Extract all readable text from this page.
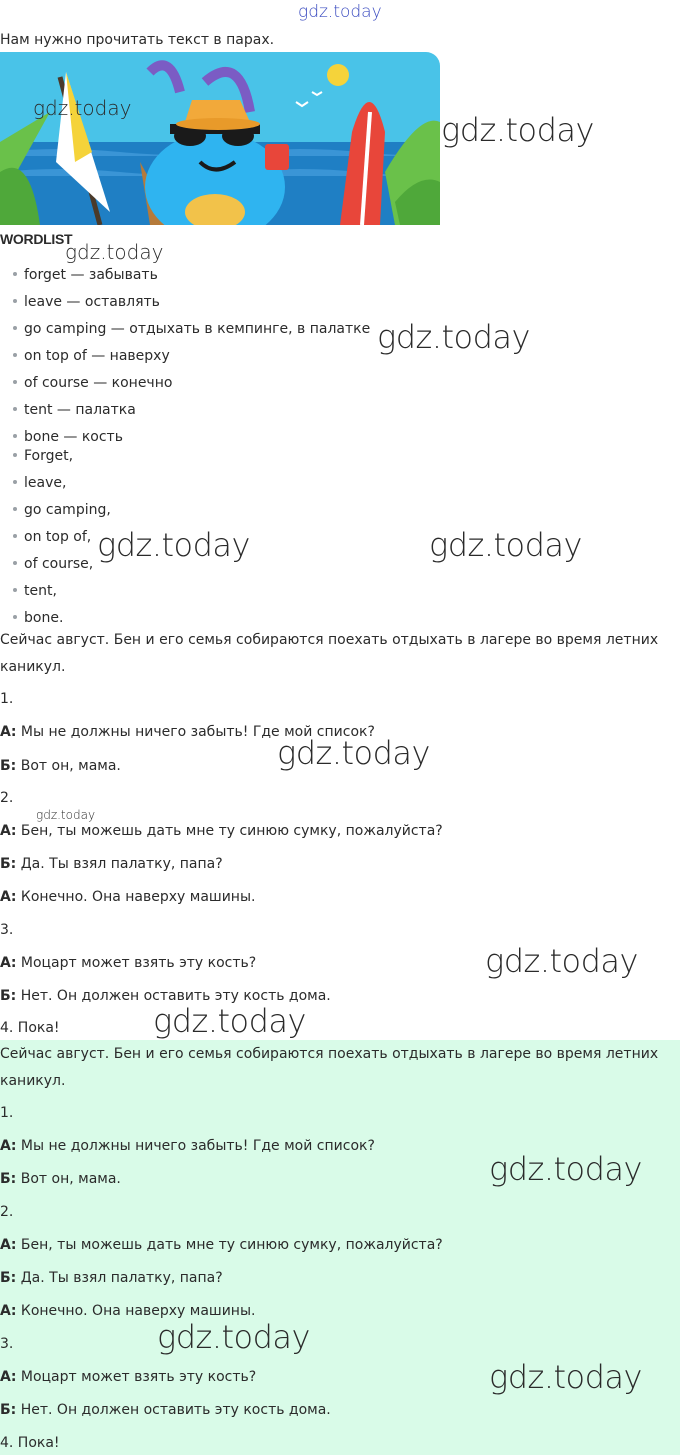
gdz.today
Нам нужно прочитать текст в парах.
gdz.today
gdz.today
WORDLIST
gdz.today
forget — забывать
leave — оставлять
go camping — отдыхать в кемпинге, в палатке gdz.today
on top of — наверху
of course — конечно
tent — палатка
bone — кость
Forget,
leave,
go camping,
on top of, gdz.today	gdz.today
of course,
tent,
bone.
Сейчас август. Бен и его семья собираются поехать отдыхать в лагере во время летних
каникул.
1.
А: Мы не должны ничего забыть! Где мой список?
gdz.today
Б: Вот он, мама.
2.
gdz.today
А: Бен, ты можешь дать мне ту синюю сумку, пожалуйста?
Б: Да. Ты взял палатку, папа?
А: Конечно. Она наверху машины.
3.
А: Моцарт может взять эту кость?	gdz.today
Б: Нет. Он должен оставить эту кость дома.
4. Пока!	gdz.today
Сейчас август. Бен и его семья собираются поехать отдыхать в лагере во время летних
каникул.
1.
А: Мы не должны ничего забыть! Где мой список?
gdz.today
Б: Вот он, мама.
2.
А: Бен, ты можешь дать мне ту синюю сумку, пожалуйста?
Б: Да. Ты взял палатку, папа?
А: Конечно. Она наверху машины.
3.	gdz.today
А: Моцарт может взять эту кость?	gdz.today
Б: Нет. Он должен оставить эту кость дома.
4. Пока!
